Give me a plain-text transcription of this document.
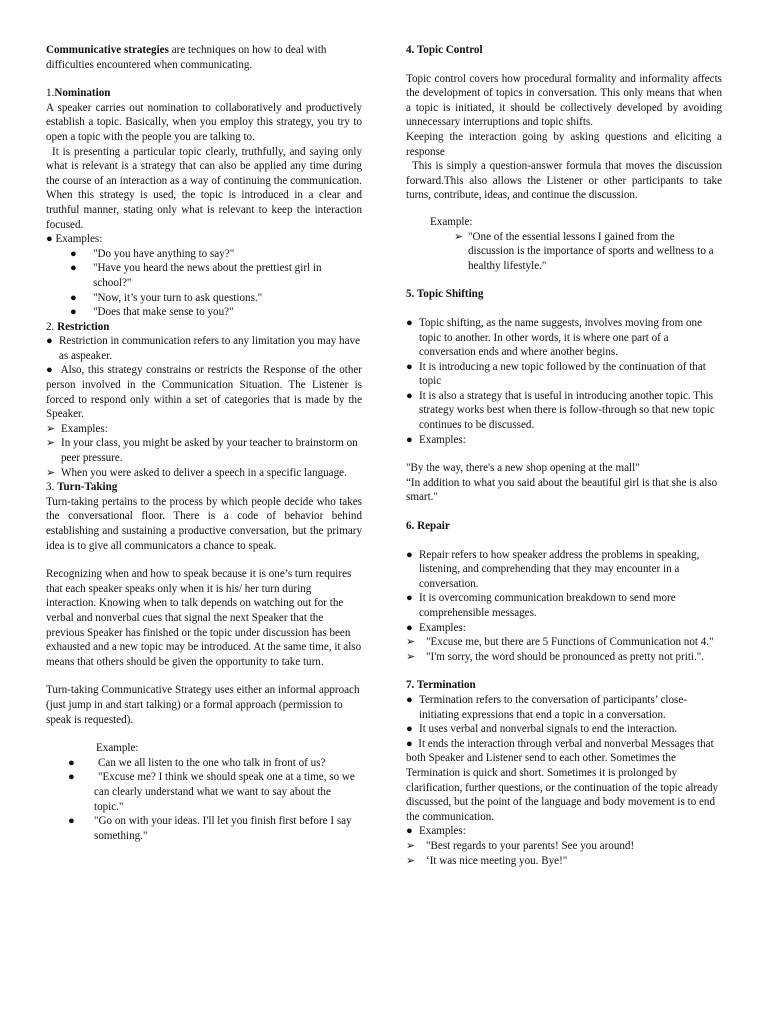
Communicative strategies are techniques on how to deal with difficulties encountered when communicating.

1.Nomination

A speaker carries out nomination to collaboratively and productively establish a topic. Basically, when you employ this strategy, you try to open a topic with the people you are talking to.

It is presenting a particular topic clearly, truthfully, and saying only what is relevant is a strategy that can also be applied any time during the course of an interaction as a way of continuing the communication. When this strategy is used, the topic is introduced in a clear and truthful manner, stating only what is relevant to keep the interaction focused.

● Examples:

●	"Do you have anything to say?"
●	"Have you heard the news about the prettiest girl in school?"
●	"Now, it’s your turn to ask questions."
●	"Does that make sense to you?"

2. Restriction

● Restriction in communication refers to any limitation you may have as aspeaker.

● Also, this strategy constrains or restricts the Response of the other person involved in the Communication Situation. The Listener is forced to respond only within a set of categories that is made by the Speaker.

➢ Examples:
➢ In your class, you might be asked by your teacher to brainstorm on peer pressure.
➢ When you were asked to deliver a speech in a specific language.

3. Turn-Taking

Turn-taking pertains to the process by which people decide who takes the conversational floor. There is a code of behavior behind establishing and sustaining a productive conversation, but the primary idea is to give all communicators a chance to speak.

Recognizing when and how to speak because it is one’s turn requires that each speaker speaks only when it is his/ her turn during interaction. Knowing when to talk depends on watching out for the verbal and nonverbal cues that signal the next Speaker that the previous Speaker has finished or the topic under discussion has been exhausted and a new topic may be introduced. At the same time, it also means that others should be given the opportunity to take turn.

Turn-taking Communicative Strategy uses either an informal approach (just jump in and start talking) or a formal approach (permission to speak is requested).

Example:

●	Can we all listen to the one who talk in front of us?
●	"Excuse me? I think we should speak one at a time, so we can clearly understand what we want to say about the topic."
●	"Go on with your ideas. I'll let you finish first before I say something."

4. Topic Control

Topic control covers how procedural formality and informality affects the development of topics in conversation. This only means that when a topic is initiated, it should be collectively developed by avoiding unnecessary interruptions and topic shifts.

Keeping the interaction going by asking questions and eliciting a response

This is simply a question-answer formula that moves the discussion forward.This also allows the Listener or other participants to take turns, contribute, ideas, and continue the discussion.

Example:

➢ "One of the essential lessons I gained from the discussion is the importance of sports and wellness to a healthy lifestyle."

5. Topic Shifting

● Topic shifting, as the name suggests, involves moving from one topic to another. In other words, it is where one part of a conversation ends and where another begins.
● It is introducing a new topic followed by the continuation of that topic
● It is also a strategy that is useful in introducing another topic. This strategy works best when there is follow-through so that new topic continues to be discussed.
● Examples:

"By the way, there's a new shop opening at the mall"

“In addition to what you said about the beautiful girl is that she is also smart."

6. Repair

● Repair refers to how speaker address the problems in speaking, listening, and comprehending that they may encounter in a conversation.
● It is overcoming communication breakdown to send more comprehensible messages.
● Examples:
➢ "Excuse me, but there are 5 Functions of Communication not 4."
➢ "I'm sorry, the word should be pronounced as pretty not priti.".

7. Termination

● Termination refers to the conversation of participants’ close-initiating expressions that end a topic in a conversation.
● It uses verbal and nonverbal signals to end the interaction.

● It ends the interaction through verbal and nonverbal Messages that both Speaker and Listener send to each other. Sometimes the Termination is quick and short. Sometimes it is prolonged by clarification, further questions, or the continuation of the topic already discussed, but the point of the language and body movement is to end the communication.

● Examples:
➢ "Best regards to your parents! See you around!
➢ ‘It was nice meeting you. Bye!"
